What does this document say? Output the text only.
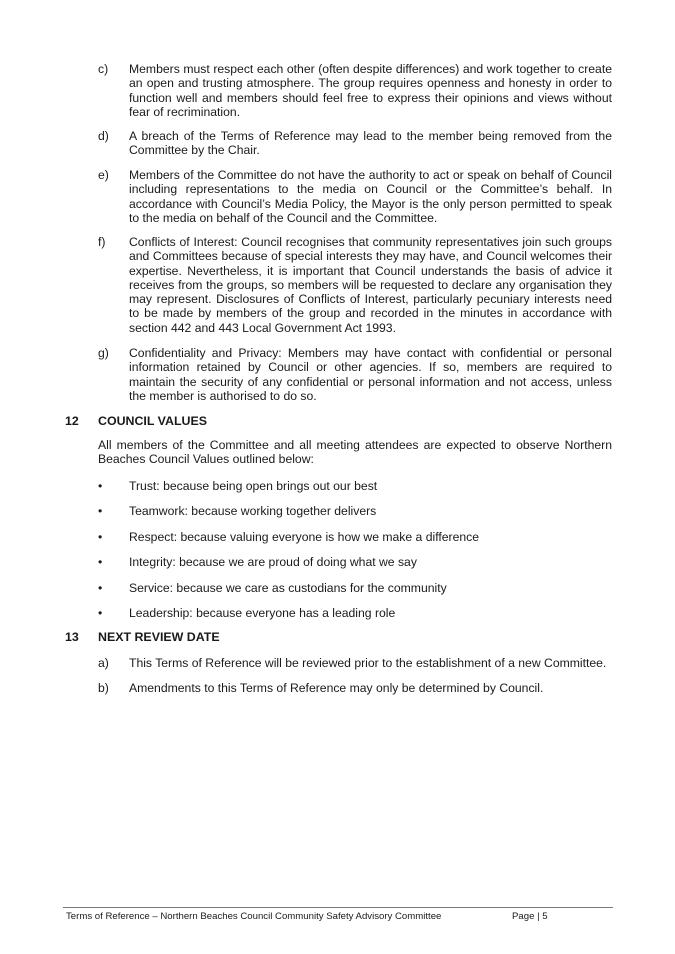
c) Members must respect each other (often despite differences) and work together to create an open and trusting atmosphere. The group requires openness and honesty in order to function well and members should feel free to express their opinions and views without fear of recrimination.
d) A breach of the Terms of Reference may lead to the member being removed from the Committee by the Chair.
e) Members of the Committee do not have the authority to act or speak on behalf of Council including representations to the media on Council or the Committee’s behalf. In accordance with Council’s Media Policy, the Mayor is the only person permitted to speak to the media on behalf of the Council and the Committee.
f) Conflicts of Interest: Council recognises that community representatives join such groups and Committees because of special interests they may have, and Council welcomes their expertise. Nevertheless, it is important that Council understands the basis of advice it receives from the groups, so members will be requested to declare any organisation they may represent. Disclosures of Conflicts of Interest, particularly pecuniary interests need to be made by members of the group and recorded in the minutes in accordance with section 442 and 443 Local Government Act 1993.
g) Confidentiality and Privacy: Members may have contact with confidential or personal information retained by Council or other agencies. If so, members are required to maintain the security of any confidential or personal information and not access, unless the member is authorised to do so.
12 COUNCIL VALUES
All members of the Committee and all meeting attendees are expected to observe Northern Beaches Council Values outlined below:
• Trust: because being open brings out our best
• Teamwork: because working together delivers
• Respect: because valuing everyone is how we make a difference
• Integrity: because we are proud of doing what we say
• Service: because we care as custodians for the community
• Leadership: because everyone has a leading role
13 NEXT REVIEW DATE
a) This Terms of Reference will be reviewed prior to the establishment of a new Committee.
b) Amendments to this Terms of Reference may only be determined by Council.
Terms of Reference – Northern Beaches Council Community Safety Advisory Committee	Page | 5
